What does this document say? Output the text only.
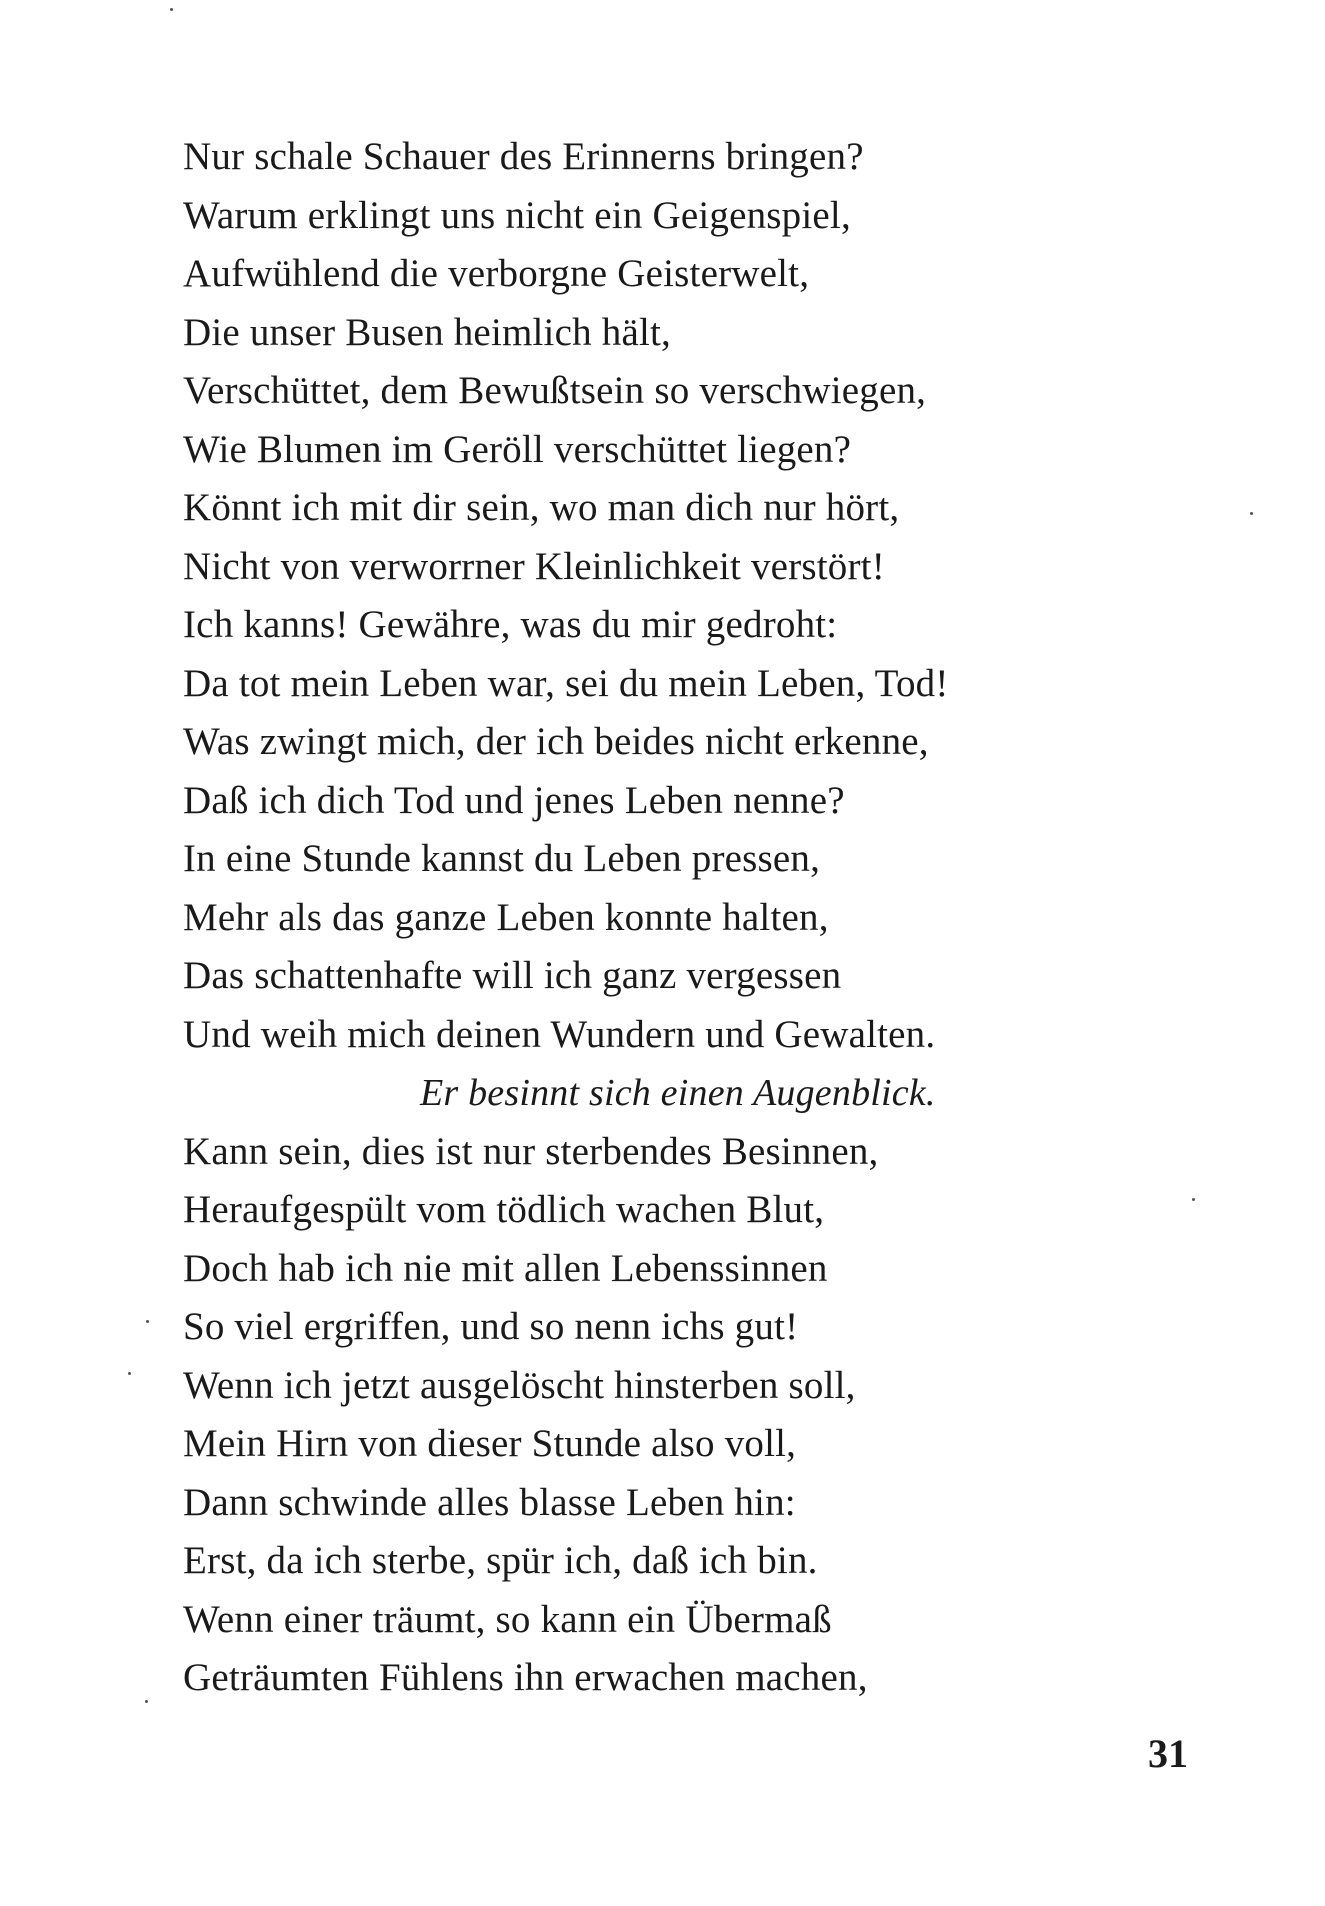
Nur schale Schauer des Erinnerns bringen?
Warum erklingt uns nicht ein Geigenspiel,
Aufwühlend die verborgne Geisterwelt,
Die unser Busen heimlich hält,
Verschüttet, dem Bewußtsein so verschwiegen,
Wie Blumen im Geröll verschüttet liegen?
Könnt ich mit dir sein, wo man dich nur hört,
Nicht von verworrner Kleinlichkeit verstört!
Ich kanns! Gewähre, was du mir gedroht:
Da tot mein Leben war, sei du mein Leben, Tod!
Was zwingt mich, der ich beides nicht erkenne,
Daß ich dich Tod und jenes Leben nenne?
In eine Stunde kannst du Leben pressen,
Mehr als das ganze Leben konnte halten,
Das schattenhafte will ich ganz vergessen
Und weih mich deinen Wundern und Gewalten.
Er besinnt sich einen Augenblick.
Kann sein, dies ist nur sterbendes Besinnen,
Heraufgespült vom tödlich wachen Blut,
Doch hab ich nie mit allen Lebenssinnen
So viel ergriffen, und so nenn ichs gut!
Wenn ich jetzt ausgelöscht hinsterben soll,
Mein Hirn von dieser Stunde also voll,
Dann schwinde alles blasse Leben hin:
Erst, da ich sterbe, spür ich, daß ich bin.
Wenn einer träumt, so kann ein Übermaß
Geträumten Fühlens ihn erwachen machen,
31
